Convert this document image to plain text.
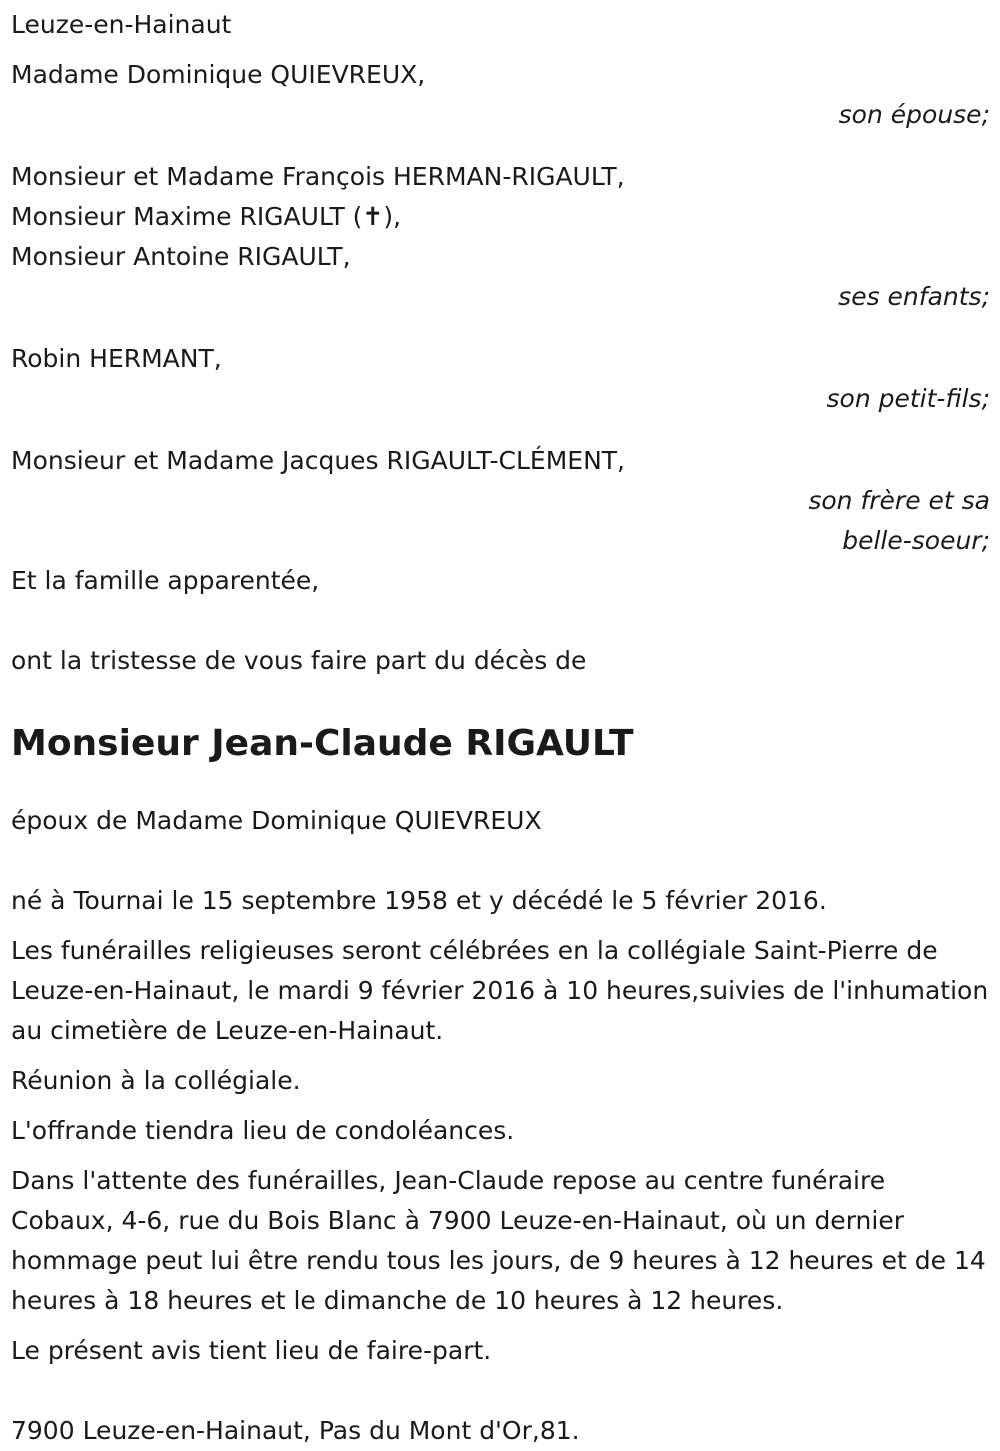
Leuze-en-Hainaut
Madame Dominique QUIEVREUX,
son épouse;
Monsieur et Madame François HERMAN-RIGAULT,
Monsieur Maxime RIGAULT (✝),
Monsieur Antoine RIGAULT,
ses enfants;
Robin HERMANT,
son petit-fils;
Monsieur et Madame Jacques RIGAULT-CLÉMENT,
son frère et sa
belle-soeur;
Et la famille apparentée,
ont la tristesse de vous faire part du décès de
Monsieur Jean-Claude RIGAULT
époux de Madame Dominique QUIEVREUX
né à Tournai le 15 septembre 1958 et y décédé le 5 février 2016.
Les funérailles religieuses seront célébrées en la collégiale Saint-Pierre de Leuze-en-Hainaut, le mardi 9 février 2016 à 10 heures,suivies de l'inhumation au cimetière de Leuze-en-Hainaut.
Réunion à la collégiale.
L'offrande tiendra lieu de condoléances.
Dans l'attente des funérailles, Jean-Claude repose au centre funéraire Cobaux, 4-6, rue du Bois Blanc à 7900 Leuze-en-Hainaut, où un dernier hommage peut lui être rendu tous les jours, de 9 heures à 12 heures et de 14 heures à 18 heures et le dimanche de 10 heures à 12 heures.
Le présent avis tient lieu de faire-part.
7900 Leuze-en-Hainaut, Pas du Mont d'Or,81.
